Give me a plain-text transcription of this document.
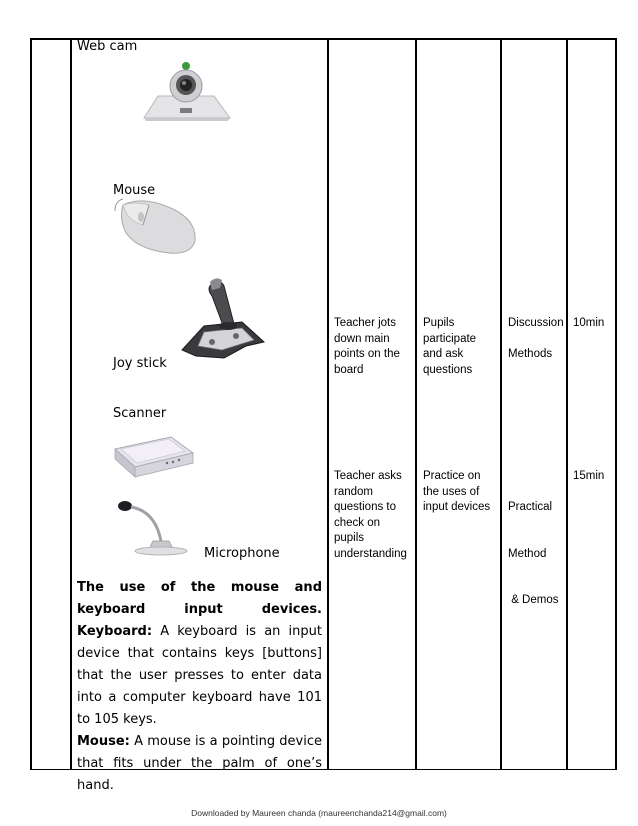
Web cam
Mouse
Joy stick
Scanner
Microphone
Teacher jots
down main
points on the
board
Pupils
participate
and ask
questions
Discussion

Methods
10min
Teacher asks
random
questions to
check on
pupils
understanding
Practice on
the uses of
input devices

Practical

Method

& Demos

15min

The use of the mouse and keyboard input devices.

Keyboard: A keyboard is an input device that contains keys [buttons] that the user presses to enter data into a computer keyboard have 101 to 105 keys.

Mouse: A mouse is a pointing device that fits under the palm of one’s hand.

Downloaded by Maureen chanda (maureenchanda214@gmail.com)
